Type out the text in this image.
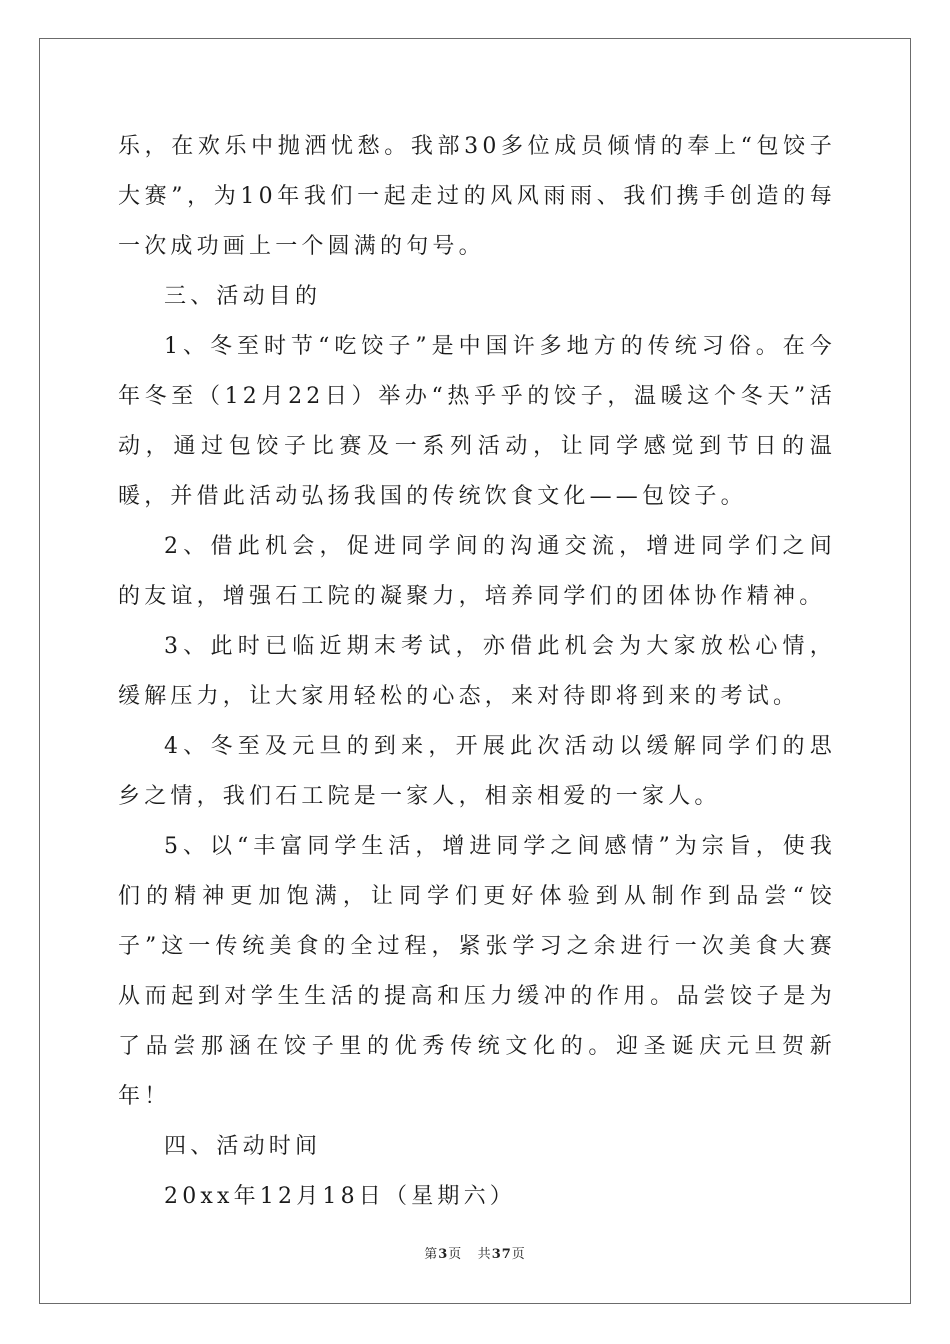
乐，在欢乐中抛洒忧愁。我部30多位成员倾情的奉上“包饺子大赛”，为10年我们一起走过的风风雨雨、我们携手创造的每一次成功画上一个圆满的句号。

三、活动目的

1、冬至时节“吃饺子”是中国许多地方的传统习俗。在今年冬至（12月22日）举办“热乎乎的饺子，温暖这个冬天”活动，通过包饺子比赛及一系列活动，让同学感觉到节日的温暖，并借此活动弘扬我国的传统饮食文化——包饺子。

2、借此机会，促进同学间的沟通交流，增进同学们之间的友谊，增强石工院的凝聚力，培养同学们的团体协作精神。

3、此时已临近期末考试，亦借此机会为大家放松心情，缓解压力，让大家用轻松的心态，来对待即将到来的考试。

4、冬至及元旦的到来，开展此次活动以缓解同学们的思乡之情，我们石工院是一家人，相亲相爱的一家人。

5、以“丰富同学生活，增进同学之间感情”为宗旨，使我们的精神更加饱满，让同学们更好体验到从制作到品尝“饺子”这一传统美食的全过程，紧张学习之余进行一次美食大赛从而起到对学生生活的提高和压力缓冲的作用。品尝饺子是为了品尝那涵在饺子里的优秀传统文化的。迎圣诞庆元旦贺新年！

四、活动时间

20xx年12月18日（星期六）

第3页 共37页
